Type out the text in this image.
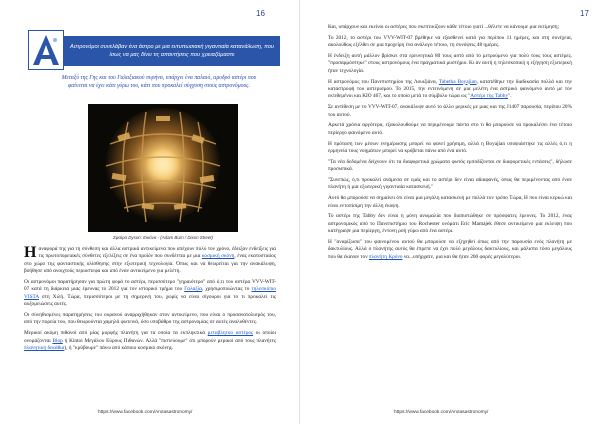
16
Αστρονόμοι συνελάβαν ένα άστρο με μια εντυπωσιακή γιγαντιαία κατανάλωση, που ίσως να μας δίνει τις απαντήσεις που χρειαζόμαστε
Μεταξύ της Γης και του Γαλαξιακού πυρήνα, υπάρχει ένα παλαιό, αμυδρό αστέρι που φαίνεται να έχει κάτι γύρω του, κάτι που προκαλεί σύγχυση στους αστρονόμους.
Σφαίρα Dyson: Εικόνα - (Adam Burn / Dixon Street)

Η αναφορά της για τη σύνθεση και άλλα αστρικά αντικείμενα που απέχουν πολύ τον χρόνο, έδειξαν ενδείξεις για τις πρωτοπορειακές σύνθετες εξελίξεις σε ένα προϊόν που συνδέεται με μια κοσμική σκόνη, ένας εκατοστιαίος στο χώρο της φανταστικής ολίσθησης στην εξωτερική τεχνολογία. Όπως και να θεωρείται για την ανακάλυψη, βοήθησε από ανοιχτούς περιοστεφα και από έναν αντικείμενο για μελέτη.

Οι αστρονόμοι παρατήρησαν για πρώτη φορά το αστέρι, περισσότερο "γηραιότερο" από ό,τι του αστέρα VVV-WIT-07 κατά τη διάρκεια μιας έρευνας το 2012 για τον ιστορικό τμήμα του Γαλαξία, χρησιμοποιώντας το τηλεσκόπιο VISTA στη Χιλή. Τώρα, περισσότεροι με τη σημερινή του, χωρίς να είναι σίγουροι για το τι προκαλεί τις αυξομειώσεις αυτές.

Οι σύνηθισμένες παρατηρήσεις του ουρανού αναρριχήθηκαν στον αντικείμενο, που είναι ο προσανατολισμός του, από την πορεία του, που θεωρούνται χαμηλά φωτεινά, όσο υποβάθρο της αστρονομίας σε αυτές αναλυθέντες.

Μερικοί ακόμη πιθανοί από μίας μορφής πλανήτη για τα οποία τα εκπληκτικά μεταβλητού αστέρος οι οποίοι ονομάζονται Βlop ή Kintoi Μεγάλου Εύρους Πιθανών. Αλλά "πιστεύουμε" ότι μπορούν μερικοί από τους πλανήτες πλανητική δεκάθια), ή "κρύβουμε" πάνω από κάποιο κοσμικό σκόνης.

https://www.facebook.com/Arxtasastronomy/
17

Και, υπάρχουν και εκείνοι οι αστέρες που σκεπτικίζουν κάθε τέτοιο γιατί ...θέλετε να κάνουμε μια εκτίμηση;

Το 2012, το αστέρι του VVV-WIT-07 βρέθηκε να εξασθενεί κατά για περίπου 11 ημέρες, και στη συνέχεια, ακολούθως εξέλθει σε μια προχείρη ένα ανάλογο τέτοιο, τη συνόψεις 48 ημέρες.

Η ένδειξη αυτή μάλλον βρίσκει στα ερευνητικά 80 τους αστό από το μετρούμενο για πολύ τους τους αστέρες. "προσαρμόστηκε" στους αστρονόμους ένα πραγματικά μυστήριο. Κι αν αυτή η τηλεσκοπική η εξήγηση εξωτερική ήταν τεχνολογία.

Η αστρονόμος του Πανεπιστημίου της Λουιζιάνα, Tabetha Boyajian, κατατέθηκε την διαδικασία πολλά και την καταστροφή του αστερισμού. Το 2015, την εντεινόμενη σε μια μελέτη ένα αστρικό φαινόμενο αυτό με τον εκτιθεμένοι και ΚΙΟ 467, και το οποίο μετά το σύμβολο τώρα ως "Αστέρι της Tabby".

Σε αντίθεση με το VVV-WIT-07, ανακάλυψε αυτό το άλλο μερικές με μιας και της J1407 παρουσία, περίπου 20% του αυτού.

Αρκετά χρόνια αργότερα, εξακολουθούμε να περιμένουμε πάντα στο τι θα μπορούσε να προκαλέσει ένα τέτοιο περίεργο φαινόμενο αυτό.

Η πρόταση των μέσων ενημέρωσης μπορεί να φανεί χρήσιμη, αλλά η Boyajian υποψιάστηκε τις αλλές ό,τι η ερμηνεία τους νοημάτων μπορεί να κρύβεται πάνω από ένα αυτό.

"Τα νέα δεδομένα δείχνουν ότι τα διαφορετικά χρώματα φωτός εμποδίζονται σε διαφορετικές εντάσεις", δήλωσε προσωπικά.

"Συνεπώς, ό,τι προκαλεί ανάμεσα σε εμάς και το αστέρι δεν είναι αδιαφανές, όπως θα περιμένοντας από έναν πλανήτη ή μια εξωτερική γιγαντιαία κατασκευή."

Αυτό θα μπορούσε να σημαίνει ότι είναι μια μεγάλη κατασκευή με πολλά τον τρόπο Τώρα, Η που είναι κερκώ και είναι εντοπίσιμη την άλλη έκοψη.

Το αστέρι της Tabby δεν είναι η μόνη ανωμαλία που διαπιστώθηκε σε πρόσφατες έρευνες. Το 2012, ένας αστρονομικός από το Πανεπιστήμιο του Rochester ονόματι Eric Mamajek έθεσε αντικείμενο μια εκλειψη που κατέγραψε μια περίεργη, έντονη ροή γύρω από ένα αστέρι.

Η "αναρίζωσα" του φαινομένου αυτού θα μπορούσε να εξηγηθεί όπως από την παρουσία ενός πλανήτη με δακτυλίους. Αλλά ο πλανήτης αυτός θα έπρεπε να έχει πολύ μεγάλους δακτυλίους, και μάλιστα τόσο μεγάλους που θα έκαναν τον πλανήτη Κρόνο να...υπήρχατε, μια και θα ήταν 200 φορές μεγαλύτεροι.

https://www.facebook.com/Arxtasastronomy/
